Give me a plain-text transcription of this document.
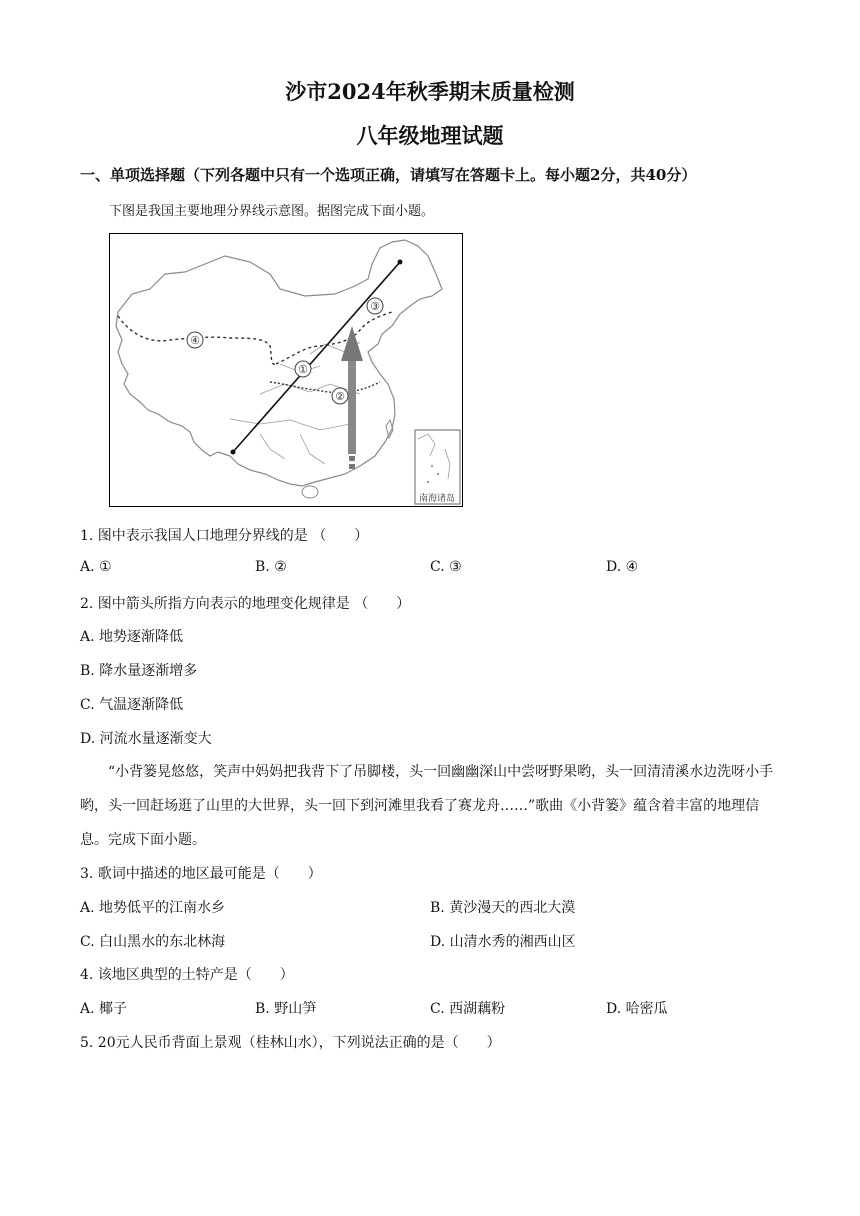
沙市2024年秋季期末质量检测
八年级地理试题
一、单项选择题（下列各题中只有一个选项正确，请填写在答题卡上。每小题2分，共40分）
下图是我国主要地理分界线示意图。据图完成下面小题。
①
②
③
④
南海诸岛
1. 图中表示我国人口地理分界线的是 （　　）
A. ①	B. ②	C. ③	D. ④
2. 图中箭头所指方向表示的地理变化规律是 （　　）
A. 地势逐渐降低
B. 降水量逐渐增多
C. 气温逐渐降低
D. 河流水量逐渐变大
“小背篓晃悠悠，笑声中妈妈把我背下了吊脚楼，头一回幽幽深山中尝呀野果哟，头一回清清溪水边洗呀小手哟，头一回赶场逛了山里的大世界，头一回下到河滩里我看了赛龙舟……”歌曲《小背篓》蕴含着丰富的地理信息。完成下面小题。
3. 歌词中描述的地区最可能是（　　）
A. 地势低平的江南水乡	B. 黄沙漫天的西北大漠
C. 白山黑水的东北林海	D. 山清水秀的湘西山区
4. 该地区典型的土特产是（　　）
A. 椰子	B. 野山笋	C. 西湖藕粉	D. 哈密瓜
5. 20元人民币背面上景观（桂林山水），下列说法正确的是（　　）
